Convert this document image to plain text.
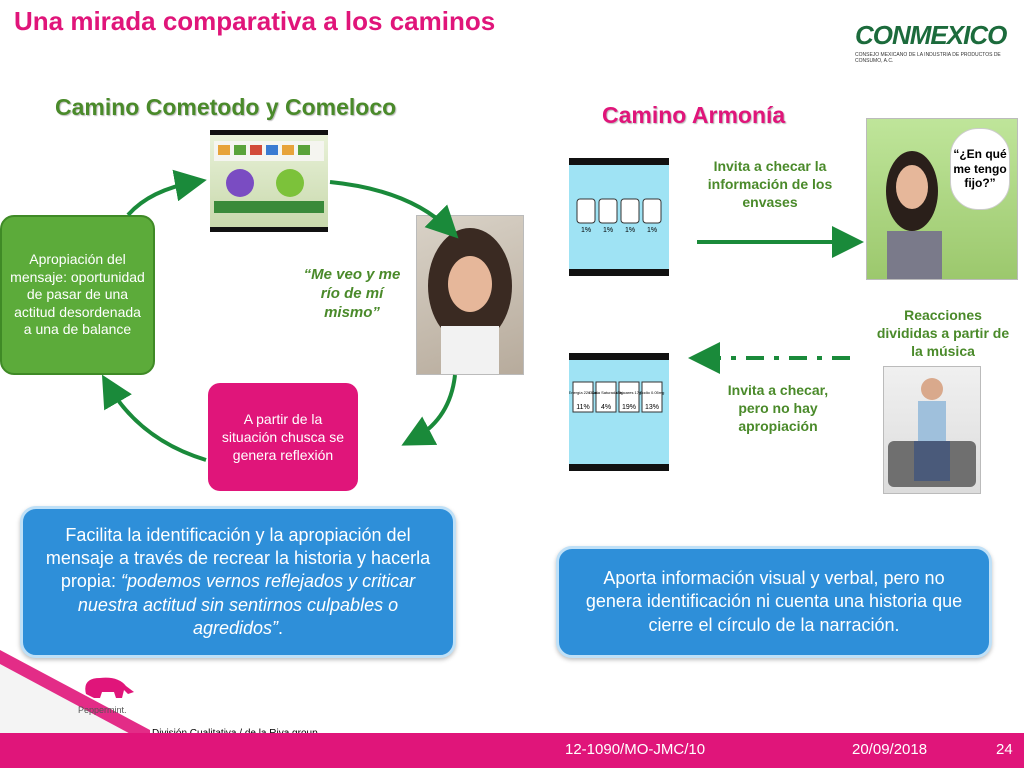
Una mirada comparativa a los caminos	CONMEXICO
CONSEJO MEXICANO DE LA INDUSTRIA DE PRODUCTOS DE CONSUMO, A.C.
Camino Cometodo y Comeloco	Camino Armonía
Apropiación del mensaje: oportunidad de pasar de una actitud desordenada a una de balance
A partir de la situación chusca se genera reflexión
“Me veo y me río de mí mismo”
1% 1% 1% 1%
Energía 226 Cal
Grasa Saturada 3g
Azúcares 17g
Sodio 0.05mg
11% 4% 19% 13%
Invita a checar la información de los envases
Invita a checar, pero no hay apropiación
Reacciones divididas a partir de la música
“¿En qué me tengo fijo?”
Facilita la identificación y la apropiación del mensaje a través de recrear la historia y hacerla propia: “podemos vernos reflejados y criticar nuestra actitud sin sentirnos culpables o agredidos”.
Aporta información visual y verbal, pero no genera identificación ni cuenta una historia que cierre el círculo de la narración.
Peppermint.
12-1090/MO-JMC/10	20/09/2018	24
